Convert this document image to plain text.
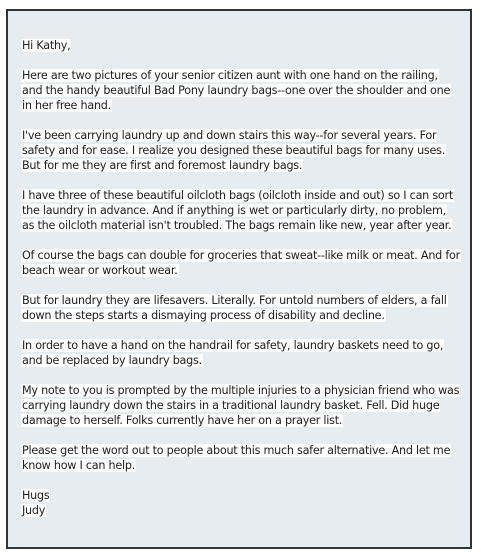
Hi Kathy,

Here are two pictures of your senior citizen aunt with one hand on the railing, and the handy beautiful Bad Pony laundry bags--one over the shoulder and one in her free hand.

I've been carrying laundry up and down stairs this way--for several years. For safety and for ease. I realize you designed these beautiful bags for many uses. But for me they are first and foremost laundry bags.

I have three of these beautiful oilcloth bags (oilcloth inside and out) so I can sort the laundry in advance. And if anything is wet or particularly dirty, no problem, as the oilcloth material isn't troubled. The bags remain like new, year after year.

Of course the bags can double for groceries that sweat--like milk or meat. And for beach wear or workout wear.

But for laundry they are lifesavers. Literally. For untold numbers of elders, a fall down the steps starts a dismaying process of disability and decline.

In order to have a hand on the handrail for safety, laundry baskets need to go, and be replaced by laundry bags.

My note to you is prompted by the multiple injuries to a physician friend who was carrying laundry down the stairs in a traditional laundry basket. Fell. Did huge damage to herself. Folks currently have her on a prayer list.

Please get the word out to people about this much safer alternative. And let me know how I can help.

Hugs
Judy
